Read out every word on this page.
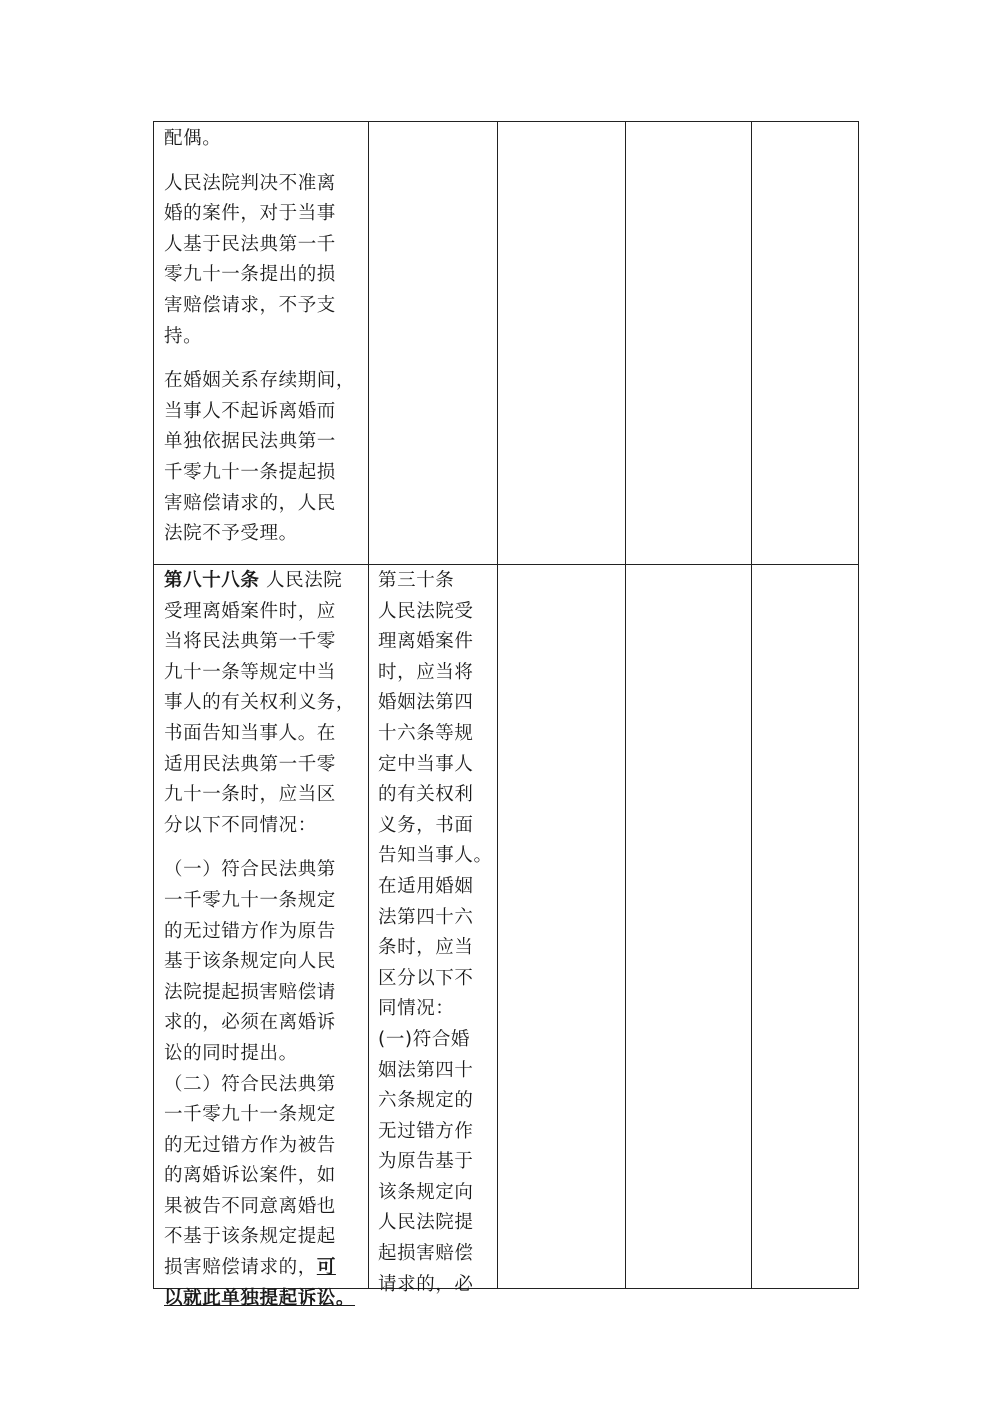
配偶。

人民法院判决不准离
婚的案件，对于当事
人基于民法典第一千
零九十一条提出的损
害赔偿请求，不予支
持。

在婚姻关系存续期间，
当事人不起诉离婚而
单独依据民法典第一
千零九十一条提起损
害赔偿请求的，人民
法院不予受理。

第八十八条 人民法院
受理离婚案件时，应
当将民法典第一千零
九十一条等规定中当
事人的有关权利义务，
书面告知当事人。在
适用民法典第一千零
九十一条时，应当区
分以下不同情况：

（一）符合民法典第
一千零九十一条规定
的无过错方作为原告
基于该条规定向人民
法院提起损害赔偿请
求的，必须在离婚诉
讼的同时提出。

（二）符合民法典第
一千零九十一条规定
的无过错方作为被告
的离婚诉讼案件，如
果被告不同意离婚也
不基于该条规定提起
损害赔偿请求的，可
以就此单独提起诉讼。

第三十条
人民法院受
理离婚案件
时，应当将
婚姻法第四
十六条等规
定中当事人
的有关权利
义务，书面
告知当事人。
在适用婚姻
法第四十六
条时，应当
区分以下不
同情况：
(一)符合婚
姻法第四十
六条规定的
无过错方作
为原告基于
该条规定向
人民法院提
起损害赔偿
请求的，必
